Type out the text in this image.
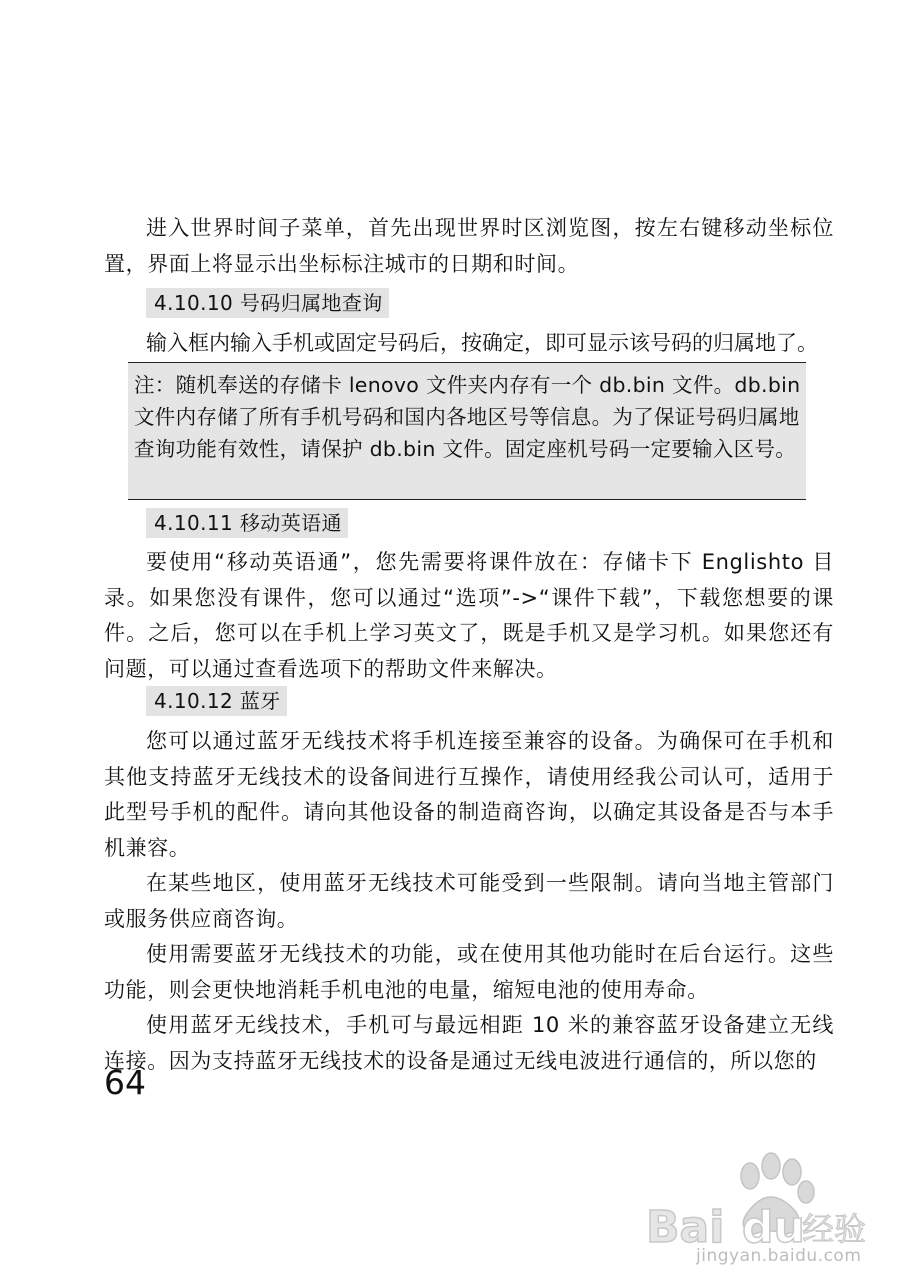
进入世界时间子菜单，首先出现世界时区浏览图，按左右键移动坐标位置，界面上将显示出坐标标注城市的日期和时间。

4.10.10 号码归属地查询

输入框内输入手机或固定号码后，按确定，即可显示该号码的归属地了。

注：随机奉送的存储卡 lenovo 文件夹内存有一个 db.bin 文件。db.bin 文件内存储了所有手机号码和国内各地区号等信息。为了保证号码归属地查询功能有效性，请保护 db.bin 文件。固定座机号码一定要输入区号。

4.10.11 移动英语通

要使用“移动英语通”，您先需要将课件放在：存储卡下 Englishto 目录。如果您没有课件，您可以通过“选项”->“课件下载”，下载您想要的课件。之后，您可以在手机上学习英文了，既是手机又是学习机。如果您还有问题，可以通过查看选项下的帮助文件来解决。

4.10.12 蓝牙

您可以通过蓝牙无线技术将手机连接至兼容的设备。为确保可在手机和其他支持蓝牙无线技术的设备间进行互操作，请使用经我公司认可，适用于此型号手机的配件。请向其他设备的制造商咨询，以确定其设备是否与本手机兼容。

在某些地区，使用蓝牙无线技术可能受到一些限制。请向当地主管部门或服务供应商咨询。

使用需要蓝牙无线技术的功能，或在使用其他功能时在后台运行。这些功能，则会更快地消耗手机电池的电量，缩短电池的使用寿命。

使用蓝牙无线技术，手机可与最远相距 10 米的兼容蓝牙设备建立无线连接。因为支持蓝牙无线技术的设备是通过无线电波进行通信的，所以您的

64
Bai du
经验
jingyan.baidu.com
